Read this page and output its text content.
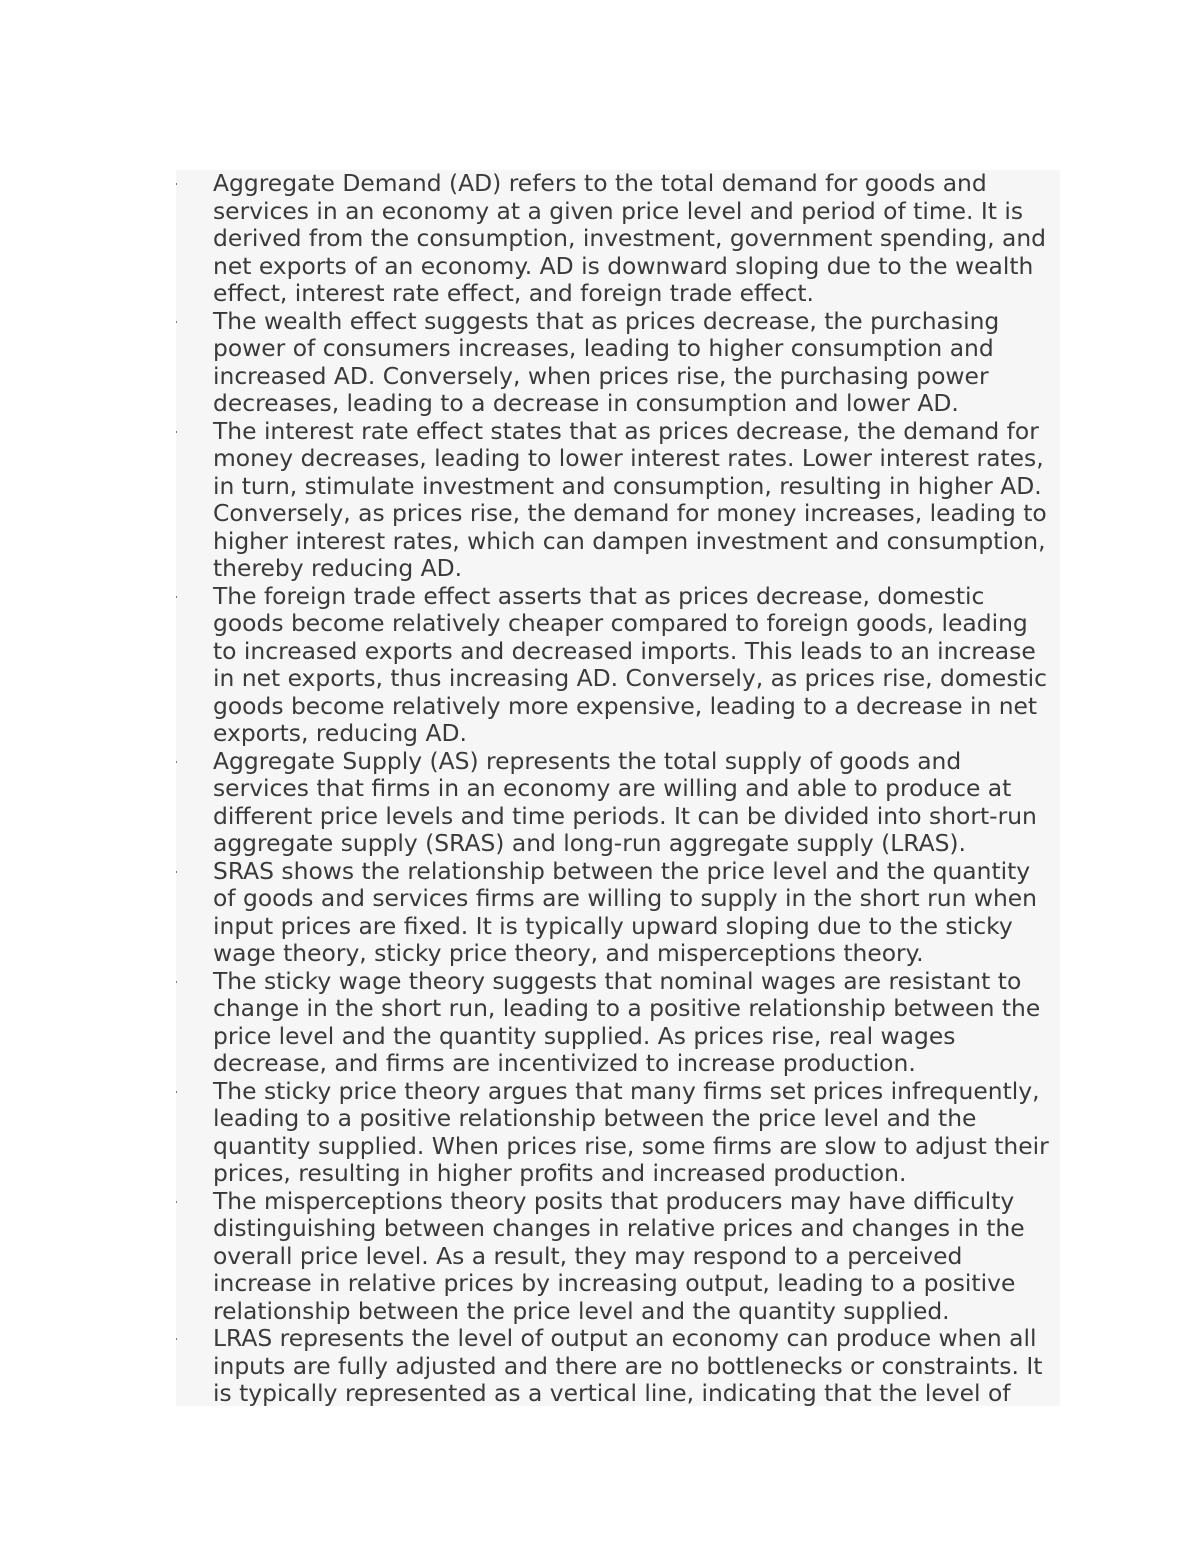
Aggregate Demand (AD) refers to the total demand for goods and
services in an economy at a given price level and period of time. It is
derived from the consumption, investment, government spending, and
net exports of an economy. AD is downward sloping due to the wealth
effect, interest rate effect, and foreign trade effect.
The wealth effect suggests that as prices decrease, the purchasing
power of consumers increases, leading to higher consumption and
increased AD. Conversely, when prices rise, the purchasing power
decreases, leading to a decrease in consumption and lower AD.
The interest rate effect states that as prices decrease, the demand for
money decreases, leading to lower interest rates. Lower interest rates,
in turn, stimulate investment and consumption, resulting in higher AD.
Conversely, as prices rise, the demand for money increases, leading to
higher interest rates, which can dampen investment and consumption,
thereby reducing AD.
The foreign trade effect asserts that as prices decrease, domestic
goods become relatively cheaper compared to foreign goods, leading
to increased exports and decreased imports. This leads to an increase
in net exports, thus increasing AD. Conversely, as prices rise, domestic
goods become relatively more expensive, leading to a decrease in net
exports, reducing AD.
Aggregate Supply (AS) represents the total supply of goods and
services that firms in an economy are willing and able to produce at
different price levels and time periods. It can be divided into short-run
aggregate supply (SRAS) and long-run aggregate supply (LRAS).
SRAS shows the relationship between the price level and the quantity
of goods and services firms are willing to supply in the short run when
input prices are fixed. It is typically upward sloping due to the sticky
wage theory, sticky price theory, and misperceptions theory.
The sticky wage theory suggests that nominal wages are resistant to
change in the short run, leading to a positive relationship between the
price level and the quantity supplied. As prices rise, real wages
decrease, and firms are incentivized to increase production.
The sticky price theory argues that many firms set prices infrequently,
leading to a positive relationship between the price level and the
quantity supplied. When prices rise, some firms are slow to adjust their
prices, resulting in higher profits and increased production.
The misperceptions theory posits that producers may have difficulty
distinguishing between changes in relative prices and changes in the
overall price level. As a result, they may respond to a perceived
increase in relative prices by increasing output, leading to a positive
relationship between the price level and the quantity supplied.
LRAS represents the level of output an economy can produce when all
inputs are fully adjusted and there are no bottlenecks or constraints. It
is typically represented as a vertical line, indicating that the level of
